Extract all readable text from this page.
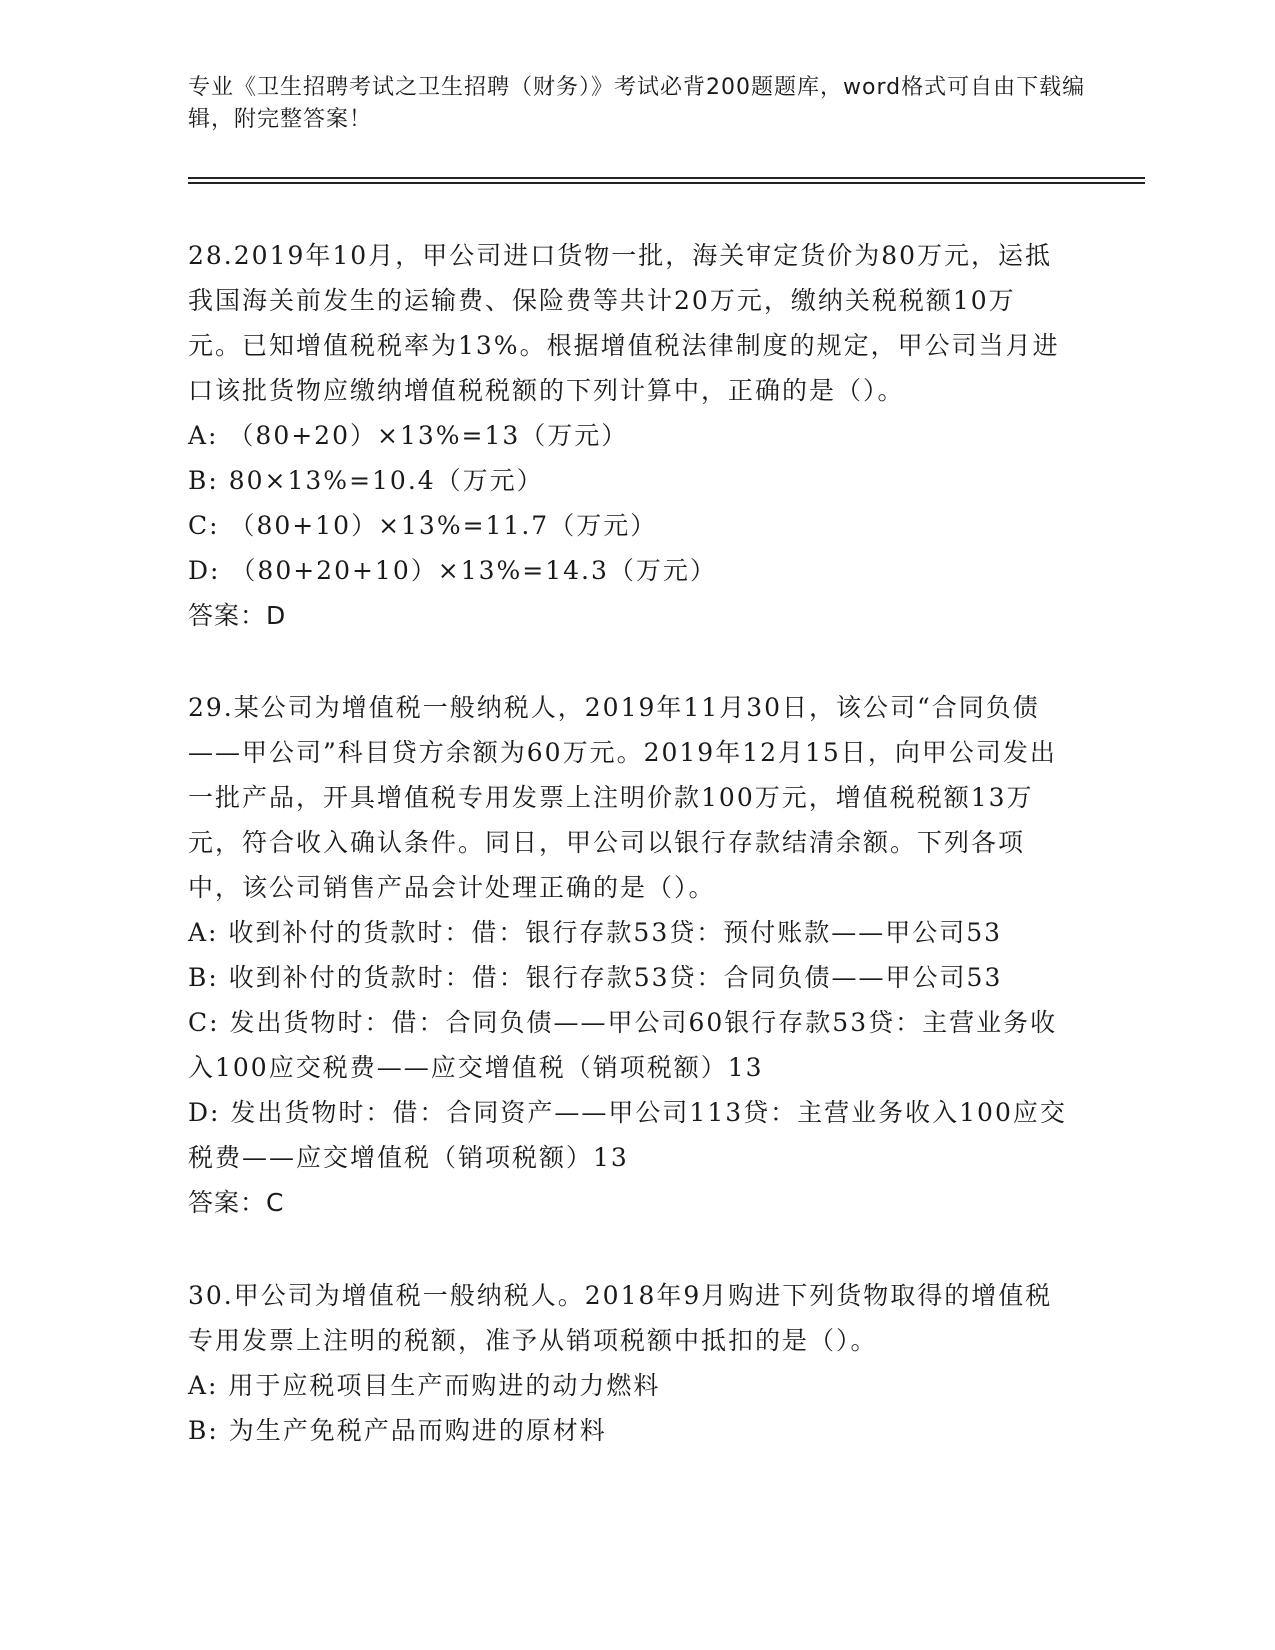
专业《卫生招聘考试之卫生招聘（财务）》考试必背200题题库，word格式可自由下载编辑，附完整答案！

28.2019年10月，甲公司进口货物一批，海关审定货价为80万元，运抵我国海关前发生的运输费、保险费等共计20万元，缴纳关税税额10万元。已知增值税税率为13%。根据增值税法律制度的规定，甲公司当月进口该批货物应缴纳增值税税额的下列计算中，正确的是（）。

A: （80+20）×13%=13（万元）

B: 80×13%=10.4（万元）

C: （80+10）×13%=11.7（万元）

D: （80+20+10）×13%=14.3（万元）

答案：D

29.某公司为增值税一般纳税人，2019年11月30日，该公司“合同负债——甲公司”科目贷方余额为60万元。2019年12月15日，向甲公司发出一批产品，开具增值税专用发票上注明价款100万元，增值税税额13万元，符合收入确认条件。同日，甲公司以银行存款结清余额。下列各项中，该公司销售产品会计处理正确的是（）。

A: 收到补付的货款时：借：银行存款53贷：预付账款——甲公司53

B: 收到补付的货款时：借：银行存款53贷：合同负债——甲公司53

C: 发出货物时：借：合同负债——甲公司60银行存款53贷：主营业务收入100应交税费——应交增值税（销项税额）13

D: 发出货物时：借：合同资产——甲公司113贷：主营业务收入100应交税费——应交增值税（销项税额）13

答案：C

30.甲公司为增值税一般纳税人。2018年9月购进下列货物取得的增值税专用发票上注明的税额，准予从销项税额中抵扣的是（）。

A: 用于应税项目生产而购进的动力燃料

B: 为生产免税产品而购进的原材料
